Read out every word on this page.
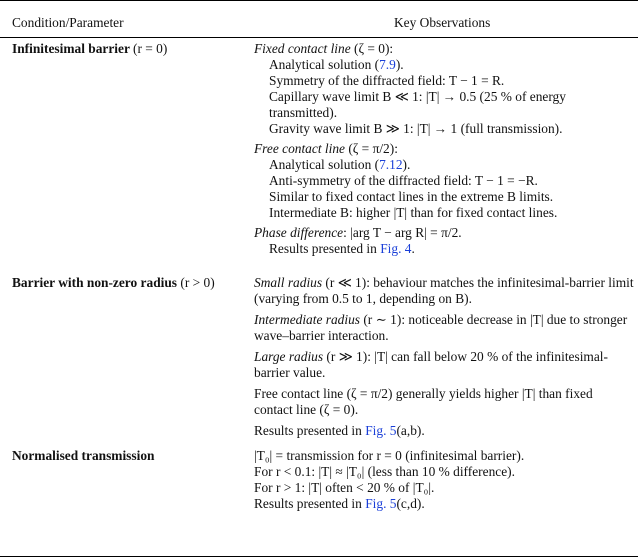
Condition/Parameter	Key Observations
Infinitesimal barrier (r = 0)	Fixed contact line (ζ = 0):
Analytical solution (7.9).
Symmetry of the diffracted field: T − 1 = R.
Capillary wave limit B ≪ 1: |T| → 0.5 (25 % of energy transmitted).
Gravity wave limit B ≫ 1: |T| → 1 (full transmission).
Free contact line (ζ = π/2):
Analytical solution (7.12).
Anti-symmetry of the diffracted field: T − 1 = −R.
Similar to fixed contact lines in the extreme B limits.
Intermediate B: higher |T| than for fixed contact lines.
Phase difference: |arg T − arg R| = π/2.
Results presented in Fig. 4.
Barrier with non-zero radius (r > 0)	Small radius (r ≪ 1): behaviour matches the infinitesimal-barrier limit (varying from 0.5 to 1, depending on B).
Intermediate radius (r ∼ 1): noticeable decrease in |T| due to stronger wave–barrier interaction.
Large radius (r ≫ 1): |T| can fall below 20 % of the infinitesimal-barrier value.
Free contact line (ζ = π/2) generally yields higher |T| than fixed contact line (ζ = 0).
Results presented in Fig. 5(a,b).
Normalised transmission	|T₀| = transmission for r = 0 (infinitesimal barrier).
For r < 0.1: |T| ≈ |T₀| (less than 10 % difference).
For r > 1: |T| often < 20 % of |T₀|.
Results presented in Fig. 5(c,d).
